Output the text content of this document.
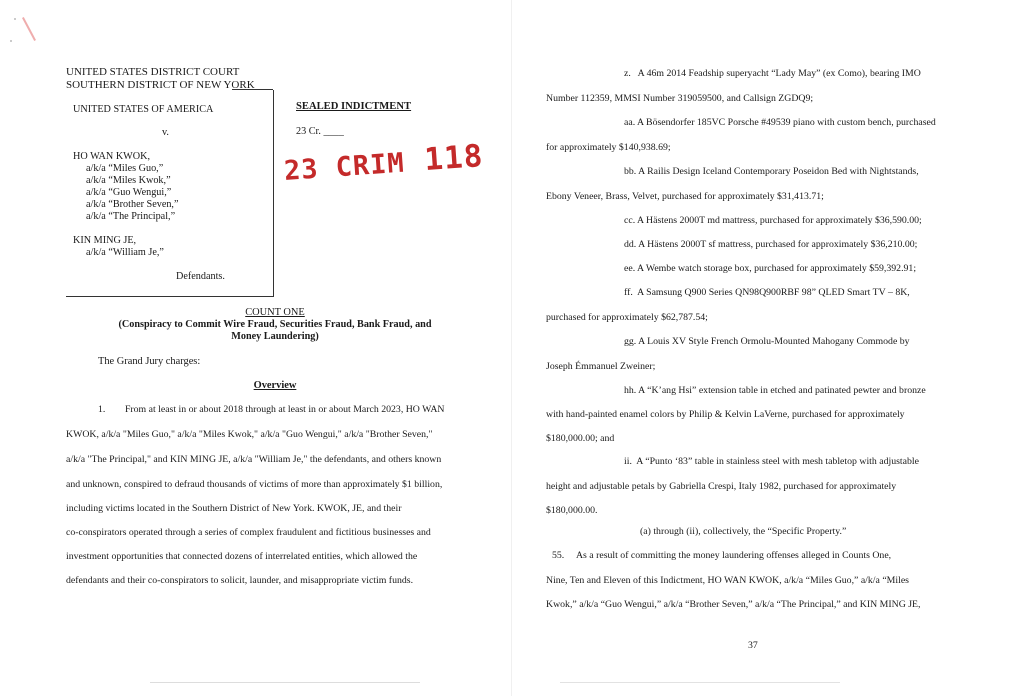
UNITED STATES DISTRICT COURT
SOUTHERN DISTRICT OF NEW YORK
UNITED STATES OF AMERICA
v.
HO WAN KWOK,
a/k/a “Miles Guo,”
a/k/a “Miles Kwok,”
a/k/a “Guo Wengui,”
a/k/a “Brother Seven,”
a/k/a “The Principal,”
KIN MING JE,
a/k/a “William Je,”
Defendants.
SEALED INDICTMENT
23 Cr. ____
23 CRIM 118
COUNT ONE
(Conspiracy to Commit Wire Fraud, Securities Fraud, Bank Fraud, and
Money Laundering)
The Grand Jury charges:
Overview
1.        From at least in or about 2018 through at least in or about March 2023, HO WAN
KWOK, a/k/a "Miles Guo," a/k/a "Miles Kwok," a/k/a "Guo Wengui," a/k/a "Brother Seven,"
a/k/a "The Principal," and KIN MING JE, a/k/a "William Je," the defendants, and others known
and unknown, conspired to defraud thousands of victims of more than approximately $1 billion,
including victims located in the Southern District of New York. KWOK, JE, and their
co-conspirators operated through a series of complex fraudulent and fictitious businesses and
investment opportunities that connected dozens of interrelated entities, which allowed the
defendants and their co-conspirators to solicit, launder, and misappropriate victim funds.
z.   A 46m 2014 Feadship superyacht “Lady May” (ex Como), bearing IMO
Number 112359, MMSI Number 319059500, and Callsign ZGDQ9;
aa. A Bösendorfer 185VC Porsche #49539 piano with custom bench, purchased
for approximately $140,938.69;
bb. A Railis Design Iceland Contemporary Poseidon Bed with Nightstands,
Ebony Veneer, Brass, Velvet, purchased for approximately $31,413.71;
cc. A Hästens 2000T md mattress, purchased for approximately $36,590.00;
dd. A Hästens 2000T sf mattress, purchased for approximately $36,210.00;
ee. A Wembe watch storage box, purchased for approximately $59,392.91;
ff.  A Samsung Q900 Series QN98Q900RBF 98” QLED Smart TV – 8K,
purchased for approximately $62,787.54;
gg. A Louis XV Style French Ormolu-Mounted Mahogany Commode by
Joseph Émmanuel Zweiner;
hh. A “K’ang Hsi” extension table in etched and patinated pewter and bronze
with hand-painted enamel colors by Philip & Kelvin LaVerne, purchased for approximately
$180,000.00; and
ii.  A “Punto ‘83” table in stainless steel with mesh tabletop with adjustable
height and adjustable petals by Gabriella Crespi, Italy 1982, purchased for approximately
$180,000.00.
(a) through (ii), collectively, the “Specific Property.”
55.     As a result of committing the money laundering offenses alleged in Counts One,
Nine, Ten and Eleven of this Indictment, HO WAN KWOK, a/k/a “Miles Guo,” a/k/a “Miles
Kwok,” a/k/a “Guo Wengui,” a/k/a “Brother Seven,” a/k/a “The Principal,” and KIN MING JE,
37
